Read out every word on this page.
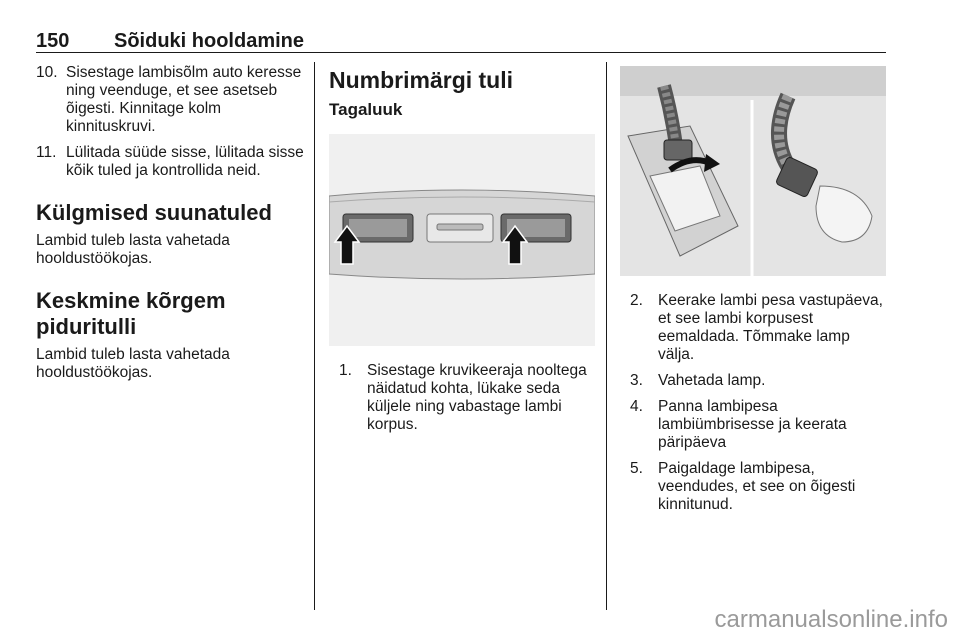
150 Sõiduki hooldamine
10. Sisestage lambisõlm auto keresse ning veenduge, et see asetseb õigesti. Kinnitage kolm kinnituskruvi.
11. Lülitada süüde sisse, lülitada sisse kõik tuled ja kontrollida neid.
Külgmised suunatuled

Lambid tuleb lasta vahetada hooldustöökojas.

Keskmine kõrgem piduritulli

Lambid tuleb lasta vahetada hooldustöökojas.

Numbrimärgi tuli
Tagaluuk
1. Sisestage kruvikeeraja nooltega näidatud kohta, lükake seda küljele ning vabastage lambi korpus.
2. Keerake lambi pesa vastupäeva, et see lambi korpusest eemaldada. Tõmmake lamp välja.
3. Vahetada lamp.
4. Panna lambipesa lambiümbrisesse ja keerata päripäeva
5. Paigaldage lambipesa, veendudes, et see on õigesti kinnitunud.
carmanualsonline.info
